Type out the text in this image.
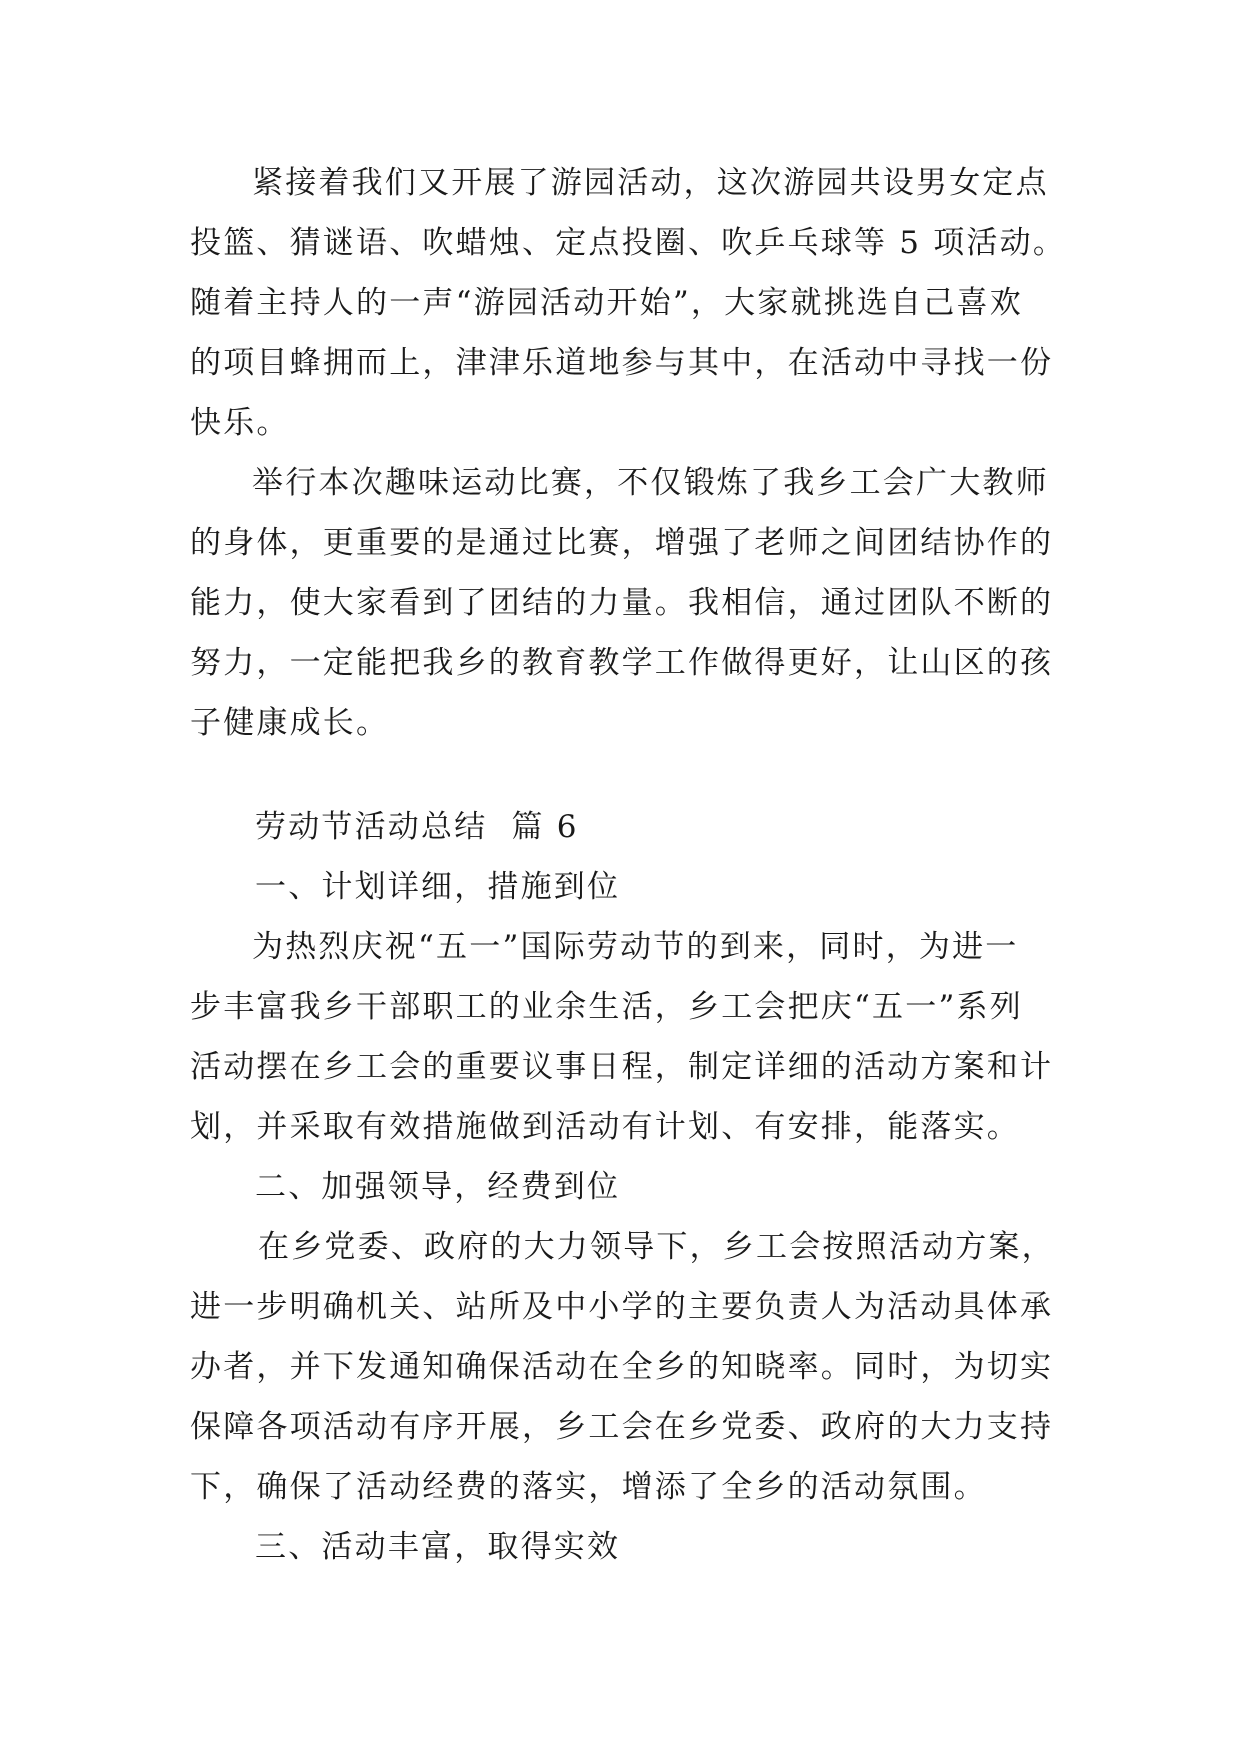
紧接着我们又开展了游园活动，这次游园共设男女定点
投篮、猜谜语、吹蜡烛、定点投圈、吹乒乓球等 5 项活动。
随着主持人的一声“游园活动开始”，大家就挑选自己喜欢
的项目蜂拥而上，津津乐道地参与其中，在活动中寻找一份
快乐。
举行本次趣味运动比赛，不仅锻炼了我乡工会广大教师
的身体，更重要的是通过比赛，增强了老师之间团结协作的
能力，使大家看到了团结的力量。我相信，通过团队不断的
努力，一定能把我乡的教育教学工作做得更好，让山区的孩
子健康成长。
劳动节活动总结  篇 6
一、计划详细，措施到位
为热烈庆祝“五一”国际劳动节的到来，同时，为进一
步丰富我乡干部职工的业余生活，乡工会把庆“五一”系列
活动摆在乡工会的重要议事日程，制定详细的活动方案和计
划，并采取有效措施做到活动有计划、有安排，能落实。
二、加强领导，经费到位
在乡党委、政府的大力领导下，乡工会按照活动方案，
进一步明确机关、站所及中小学的主要负责人为活动具体承
办者，并下发通知确保活动在全乡的知晓率。同时，为切实
保障各项活动有序开展，乡工会在乡党委、政府的大力支持
下，确保了活动经费的落实，增添了全乡的活动氛围。
三、活动丰富，取得实效
